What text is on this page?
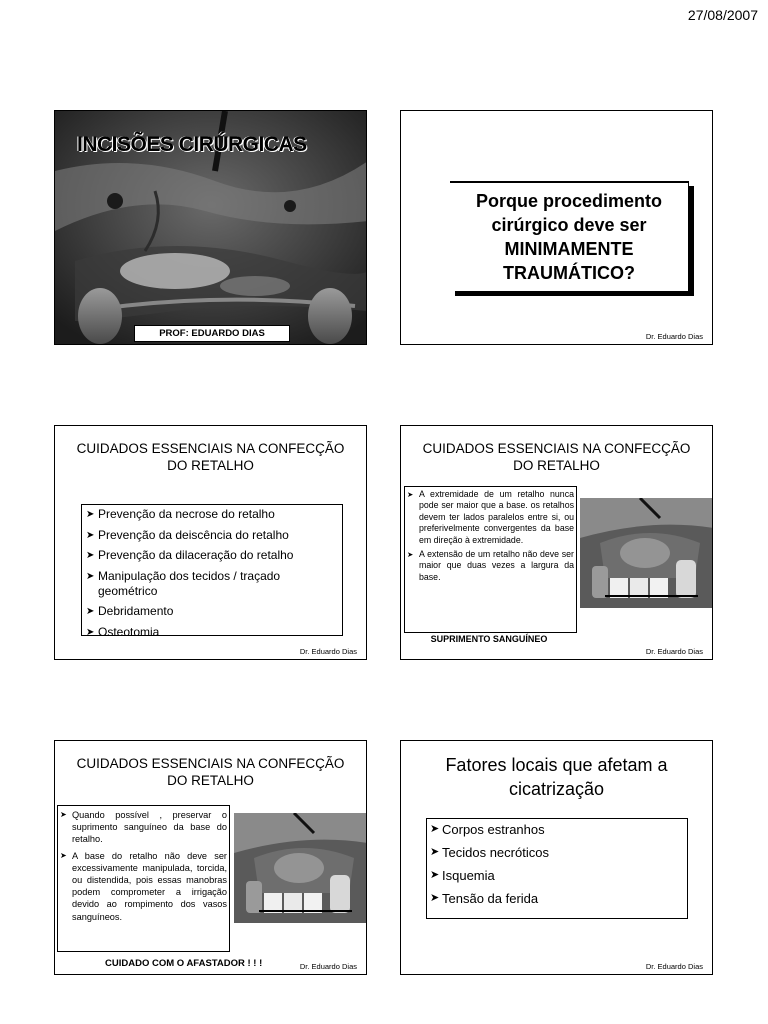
27/08/2007
INCISÕES CIRÚRGICAS
PROF: EDUARDO DIAS
Porque procedimento cirúrgico deve ser MINIMAMENTE TRAUMÁTICO?
Dr. Eduardo Dias
CUIDADOS ESSENCIAIS NA CONFECÇÃO DO RETALHO
➤ Prevenção da necrose do retalho
➤ Prevenção da deiscência do retalho
➤ Prevenção da dilaceração do retalho
➤ Manipulação dos tecidos / traçado geométrico
➤ Debridamento
➤ Osteotomia
Dr. Eduardo Dias
CUIDADOS ESSENCIAIS NA CONFECÇÃO DO RETALHO
➤ A extremidade de um retalho nunca pode ser maior que a base. os retalhos devem ter lados paralelos entre si, ou preferivelmente convergentes da base em direção à extremidade.
➤ A extensão de um retalho não deve ser maior que duas vezes a largura da base.
SUPRIMENTO SANGUÍNEO
Dr. Eduardo Dias
CUIDADOS ESSENCIAIS NA CONFECÇÃO DO RETALHO
➤ Quando possível , preservar o suprimento sanguíneo da base do retalho.
➤ A base do retalho não deve ser excessivamente manipulada, torcida, ou distendida, pois essas manobras podem comprometer a irrigação devido ao rompimento dos vasos sanguíneos.
CUIDADO COM O AFASTADOR ! ! !	Dr. Eduardo Dias
Fatores locais que afetam a cicatrização
➤ Corpos estranhos
➤ Tecidos necróticos
➤ Isquemia
➤ Tensão da ferida
Dr. Eduardo Dias
